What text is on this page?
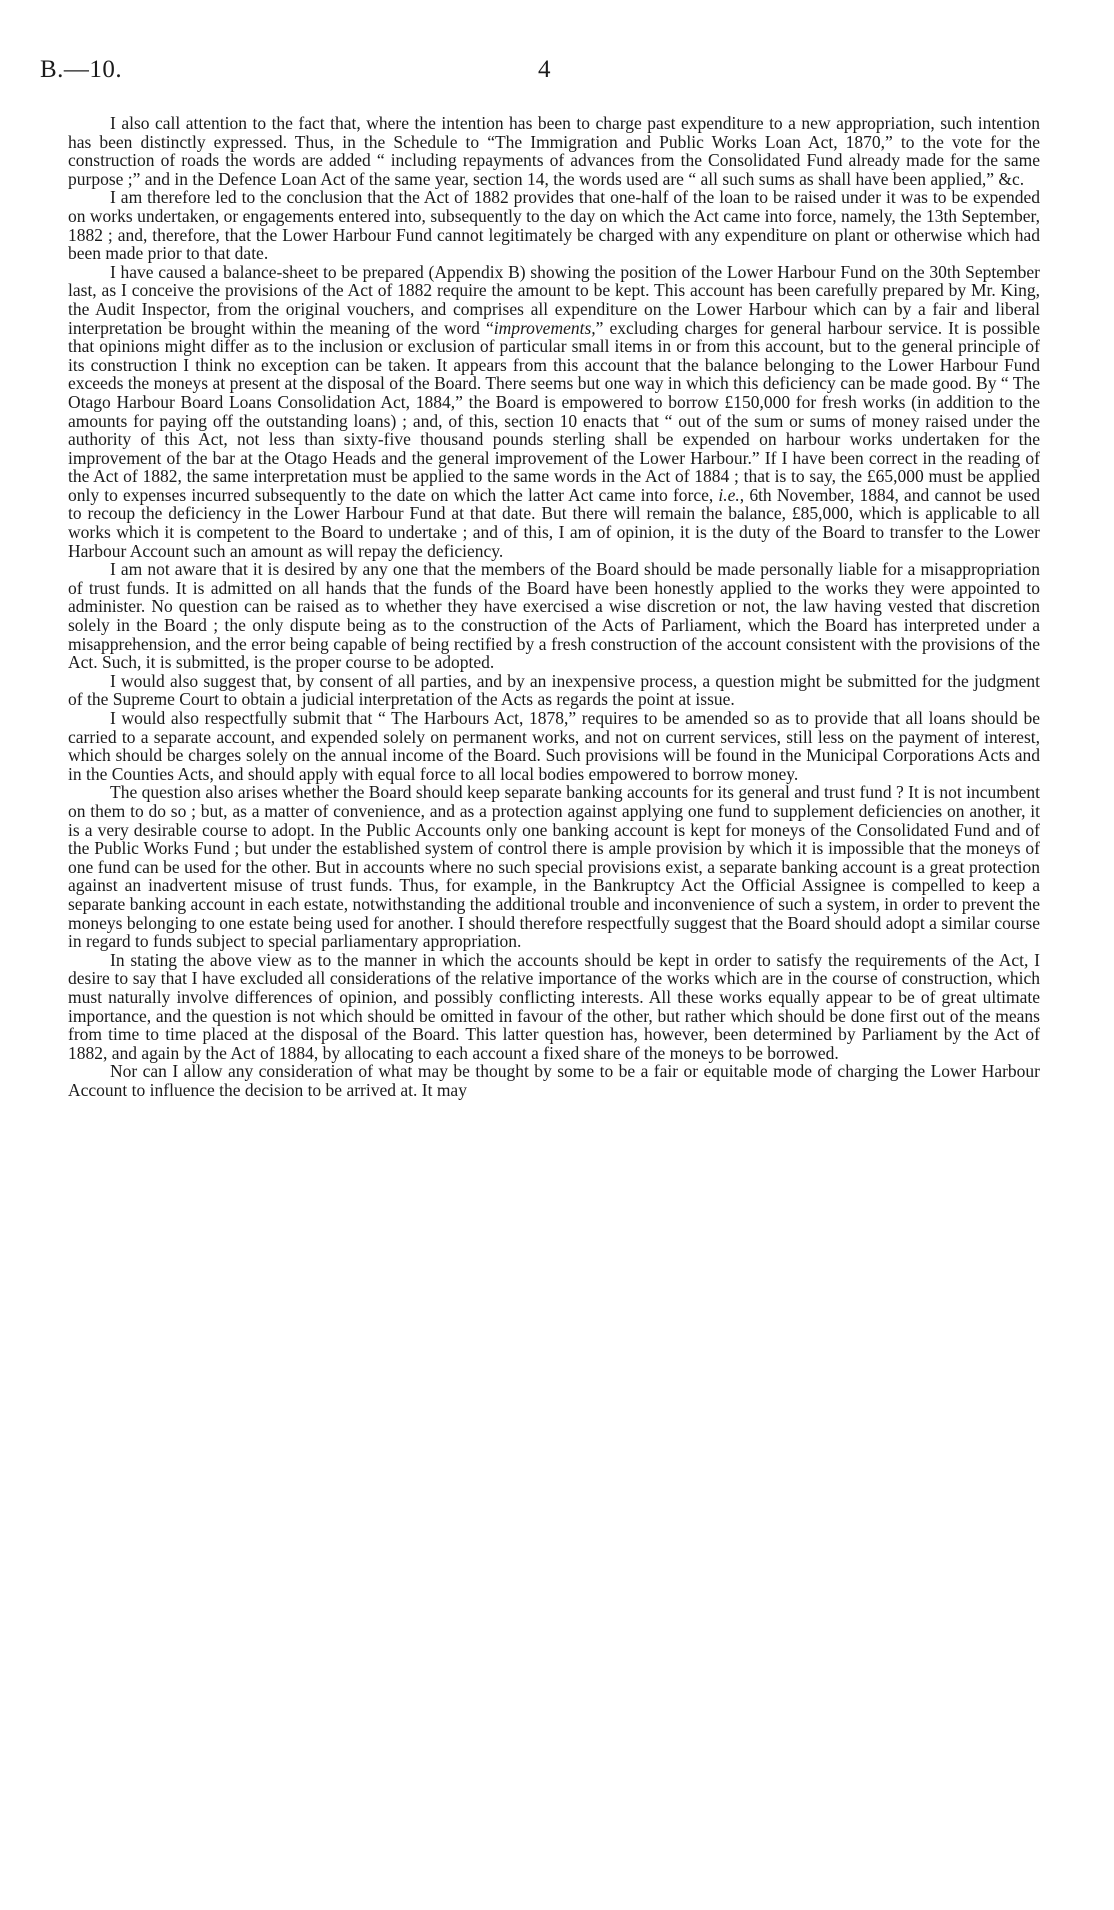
B.—10.	4

I also call attention to the fact that, where the intention has been to charge past expenditure to a new appropriation, such intention has been distinctly expressed. Thus, in the Schedule to “The Immigration and Public Works Loan Act, 1870,” to the vote for the construction of roads the words are added “ including repayments of advances from the Consolidated Fund already made for the same purpose ;” and in the Defence Loan Act of the same year, section 14, the words used are “ all such sums as shall have been applied,” &c.

I am therefore led to the conclusion that the Act of 1882 provides that one-half of the loan to be raised under it was to be expended on works undertaken, or engagements entered into, subsequently to the day on which the Act came into force, namely, the 13th September, 1882 ; and, therefore, that the Lower Harbour Fund cannot legitimately be charged with any expenditure on plant or otherwise which had been made prior to that date.

I have caused a balance-sheet to be prepared (Appendix B) showing the position of the Lower Harbour Fund on the 30th September last, as I conceive the provisions of the Act of 1882 require the amount to be kept. This account has been carefully prepared by Mr. King, the Audit Inspector, from the original vouchers, and comprises all expenditure on the Lower Harbour which can by a fair and liberal interpretation be brought within the meaning of the word “improvements,” excluding charges for general harbour service. It is possible that opinions might differ as to the inclusion or exclusion of particular small items in or from this account, but to the general principle of its construction I think no exception can be taken. It appears from this account that the balance belonging to the Lower Harbour Fund exceeds the moneys at present at the disposal of the Board. There seems but one way in which this deficiency can be made good. By “ The Otago Harbour Board Loans Consolidation Act, 1884,” the Board is empowered to borrow £150,000 for fresh works (in addition to the amounts for paying off the outstanding loans) ; and, of this, section 10 enacts that “ out of the sum or sums of money raised under the authority of this Act, not less than sixty-five thousand pounds sterling shall be expended on harbour works undertaken for the improvement of the bar at the Otago Heads and the general improvement of the Lower Harbour.” If I have been correct in the reading of the Act of 1882, the same interpretation must be applied to the same words in the Act of 1884 ; that is to say, the £65,000 must be applied only to expenses incurred subsequently to the date on which the latter Act came into force, i.e., 6th November, 1884, and cannot be used to recoup the deficiency in the Lower Harbour Fund at that date. But there will remain the balance, £85,000, which is applicable to all works which it is competent to the Board to undertake ; and of this, I am of opinion, it is the duty of the Board to transfer to the Lower Harbour Account such an amount as will repay the deficiency.

I am not aware that it is desired by any one that the members of the Board should be made personally liable for a misappropriation of trust funds. It is admitted on all hands that the funds of the Board have been honestly applied to the works they were appointed to administer. No question can be raised as to whether they have exercised a wise discretion or not, the law having vested that discretion solely in the Board ; the only dispute being as to the construction of the Acts of Parliament, which the Board has interpreted under a misapprehension, and the error being capable of being rectified by a fresh construction of the account consistent with the provisions of the Act. Such, it is submitted, is the proper course to be adopted.

I would also suggest that, by consent of all parties, and by an inexpensive process, a question might be submitted for the judgment of the Supreme Court to obtain a judicial interpretation of the Acts as regards the point at issue.

I would also respectfully submit that “ The Harbours Act, 1878,” requires to be amended so as to provide that all loans should be carried to a separate account, and expended solely on permanent works, and not on current services, still less on the payment of interest, which should be charges solely on the annual income of the Board. Such provisions will be found in the Municipal Corporations Acts and in the Counties Acts, and should apply with equal force to all local bodies empowered to borrow money.

The question also arises whether the Board should keep separate banking accounts for its general and trust fund ? It is not incumbent on them to do so ; but, as a matter of convenience, and as a protection against applying one fund to supplement deficiencies on another, it is a very desirable course to adopt. In the Public Accounts only one banking account is kept for moneys of the Consolidated Fund and of the Public Works Fund ; but under the established system of control there is ample provision by which it is impossible that the moneys of one fund can be used for the other. But in accounts where no such special provisions exist, a separate banking account is a great protection against an inadvertent misuse of trust funds. Thus, for example, in the Bankruptcy Act the Official Assignee is compelled to keep a separate banking account in each estate, notwithstanding the additional trouble and inconvenience of such a system, in order to prevent the moneys belonging to one estate being used for another. I should therefore respectfully suggest that the Board should adopt a similar course in regard to funds subject to special parliamentary appropriation.

In stating the above view as to the manner in which the accounts should be kept in order to satisfy the requirements of the Act, I desire to say that I have excluded all considerations of the relative importance of the works which are in the course of construction, which must naturally involve differences of opinion, and possibly conflicting interests. All these works equally appear to be of great ultimate importance, and the question is not which should be omitted in favour of the other, but rather which should be done first out of the means from time to time placed at the disposal of the Board. This latter question has, however, been determined by Parliament by the Act of 1882, and again by the Act of 1884, by allocating to each account a fixed share of the moneys to be borrowed.

Nor can I allow any consideration of what may be thought by some to be a fair or equitable mode of charging the Lower Harbour Account to influence the decision to be arrived at. It may
